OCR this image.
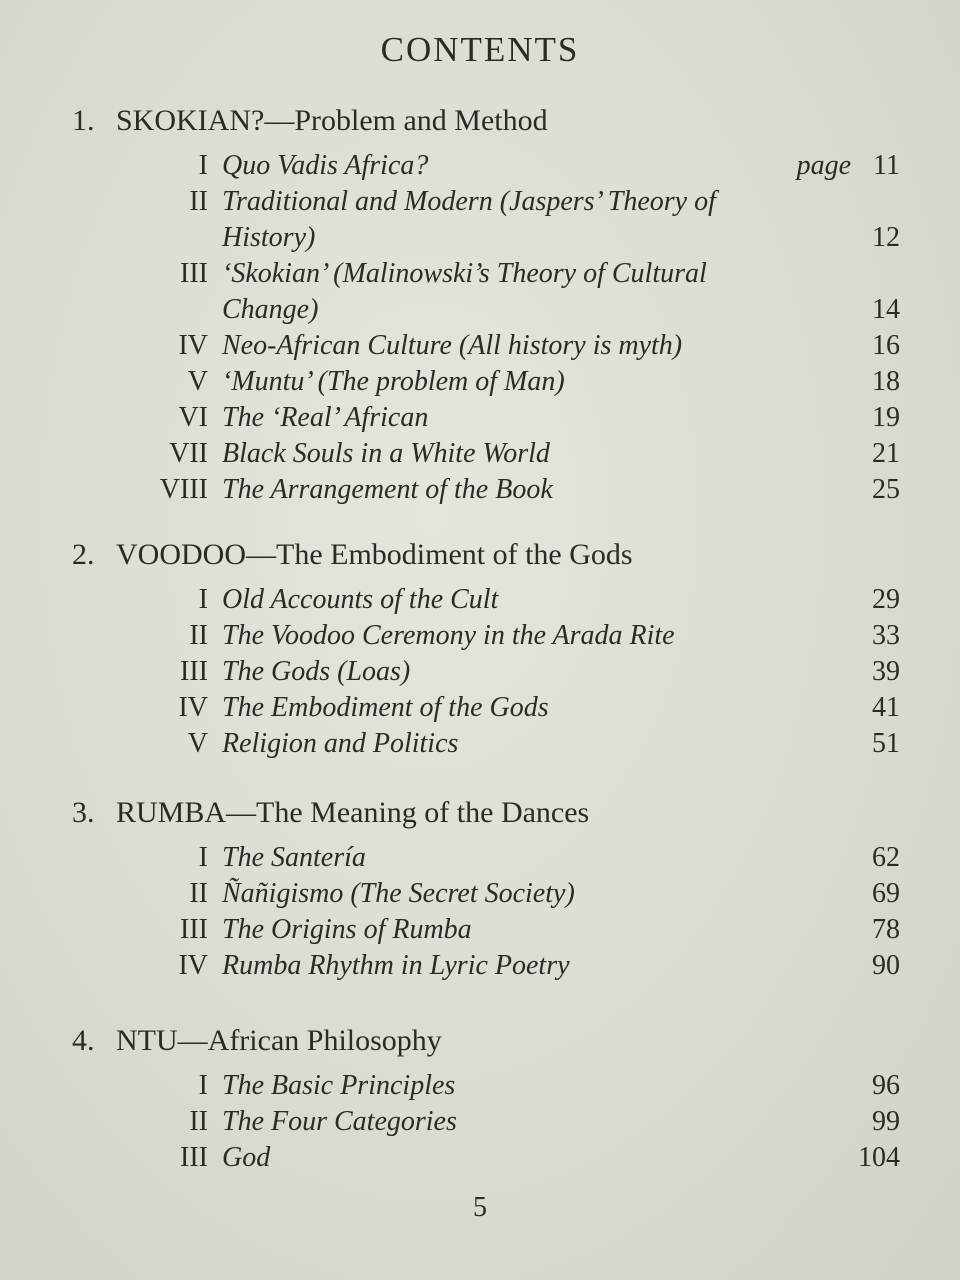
CONTENTS
1. SKOKIAN?—Problem and Method
I Quo Vadis Africa?	page 11
II Traditional and Modern (Jaspers’ Theory of History)	12
III ‘Skokian’ (Malinowski’s Theory of Cultural Change)	14
IV Neo-African Culture (All history is myth)	16
V ‘Muntu’ (The problem of Man)	18
VI The ‘Real’ African	19
VII Black Souls in a White World	21
VIII The Arrangement of the Book	25
2. VOODOO—The Embodiment of the Gods
I Old Accounts of the Cult	29
II The Voodoo Ceremony in the Arada Rite	33
III The Gods (Loas)	39
IV The Embodiment of the Gods	41
V Religion and Politics	51
3. RUMBA—The Meaning of the Dances
I The Santería	62
II Ñañigismo (The Secret Society)	69
III The Origins of Rumba	78
IV Rumba Rhythm in Lyric Poetry	90
4. NTU—African Philosophy
I The Basic Principles	96
II The Four Categories	99
III God	104
5
